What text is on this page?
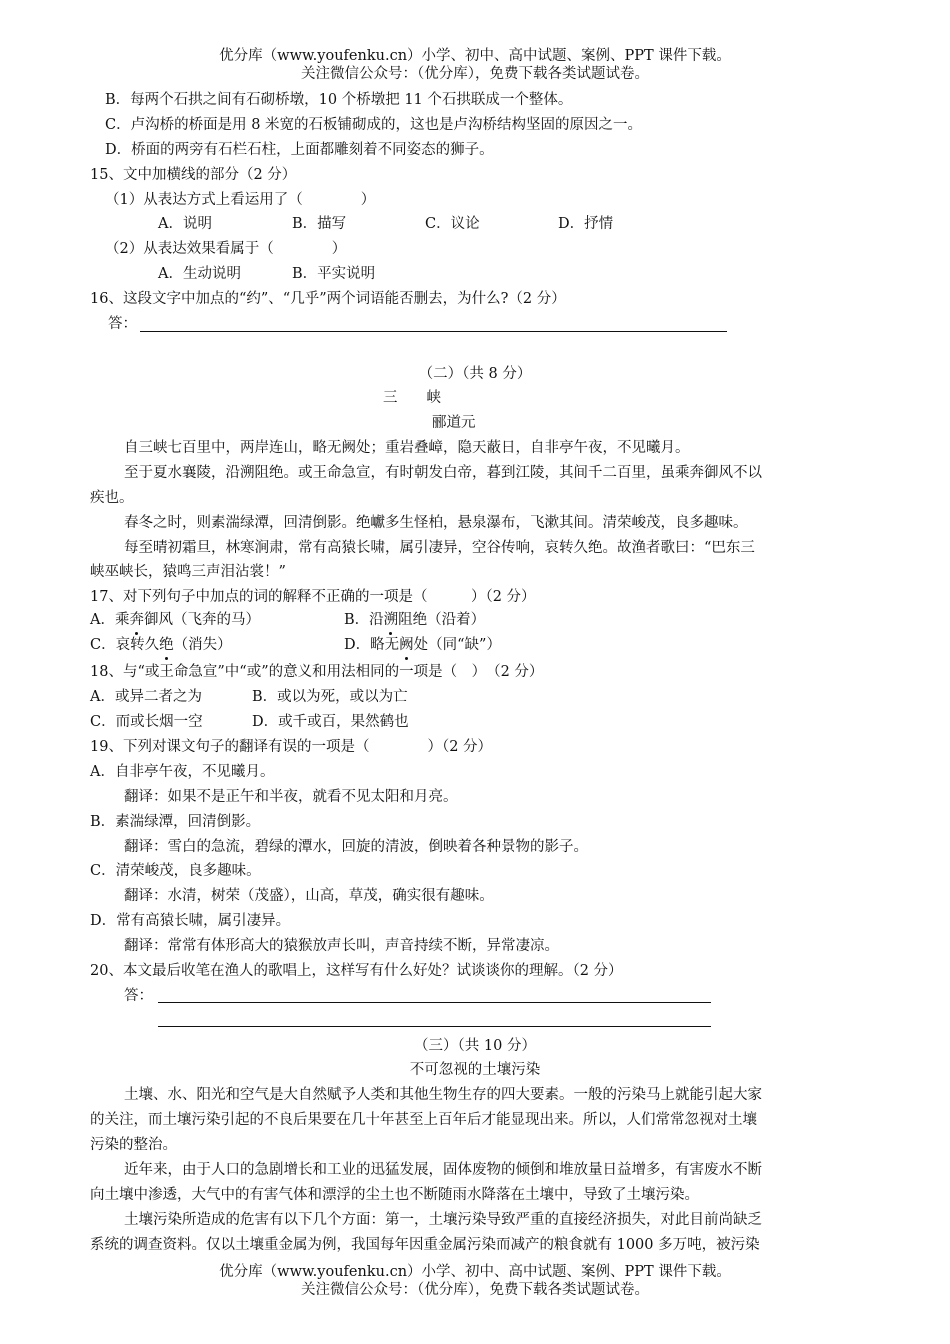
优分库（www.youfenku.cn）小学、初中、高中试题、案例、PPT 课件下载。
关注微信公众号：（优分库），免费下载各类试题试卷。
B．每两个石拱之间有石砌桥墩，10 个桥墩把 11 个石拱联成一个整体。
C．卢沟桥的桥面是用 8 米宽的石板铺砌成的，这也是卢沟桥结构坚固的原因之一。
D．桥面的两旁有石栏石柱，上面都雕刻着不同姿态的狮子。
15、文中加横线的部分（2 分）
（1）从表达方式上看运用了（　　　　）
A．说明	B．描写	C．议论	D．抒情
（2）从表达效果看属于（　　　　）
A．生动说明	B．平实说明
16、这段文字中加点的“约”、“几乎”两个词语能否删去，为什么?（2 分）
答：
（二）（共 8 分）
三　　峡
郦道元
自三峡七百里中，两岸连山，略无阙处；重岩叠嶂，隐天蔽日，自非亭午夜，不见曦月。
至于夏水襄陵，沿溯阻绝。或王命急宣，有时朝发白帝，暮到江陵，其间千二百里，虽乘奔御风不以
疾也。
春冬之时，则素湍绿潭，回清倒影。绝巘多生怪柏，悬泉瀑布，飞漱其间。清荣峻茂，良多趣味。
每至晴初霜旦，林寒涧肃，常有高猿长啸，属引凄异，空谷传响，哀转久绝。故渔者歌曰：“巴东三
峡巫峡长，猿鸣三声泪沾裳！”
17、对下列句子中加点的词的解释不正确的一项是（　　　）（2 分）
A．乘奔御风（飞奔的马）	B．沿溯阻绝（沿着）
C．哀转久绝（消失）	D．略无阙处（同“缺”）
18、与“或王命急宣”中“或”的意义和用法相同的一项是（　）　（2 分）
A．或异二者之为	B．或以为死，或以为亡
C．而或长烟一空	D．或千或百，果然鹤也
19、下列对课文句子的翻译有误的一项是（　　　　）（2 分）
A．自非亭午夜，不见曦月。
翻译：如果不是正午和半夜，就看不见太阳和月亮。
B．素湍绿潭，回清倒影。
翻译：雪白的急流，碧绿的潭水，回旋的清波，倒映着各种景物的影子。
C．清荣峻茂，良多趣味。
翻译：水清，树荣（茂盛），山高，草茂，确实很有趣味。
D．常有高猿长啸，属引凄异。
翻译：常常有体形高大的猿猴放声长叫，声音持续不断，异常凄凉。
20、本文最后收笔在渔人的歌唱上，这样写有什么好处？试谈谈你的理解。（2 分）
答：
（三）（共 10 分）
不可忽视的土壤污染
土壤、水、阳光和空气是大自然赋予人类和其他生物生存的四大要素。一般的污染马上就能引起大家
的关注，而土壤污染引起的不良后果要在几十年甚至上百年后才能显现出来。所以，人们常常忽视对土壤
污染的整治。
近年来，由于人口的急剧增长和工业的迅猛发展，固体废物的倾倒和堆放量日益增多，有害废水不断
向土壤中渗透，大气中的有害气体和漂浮的尘土也不断随雨水降落在土壤中，导致了土壤污染。
土壤污染所造成的危害有以下几个方面：第一，土壤污染导致严重的直接经济损失，对此目前尚缺乏
系统的调查资料。仅以土壤重金属为例，我国每年因重金属污染而减产的粮食就有 1000 多万吨，被污染
优分库（www.youfenku.cn）小学、初中、高中试题、案例、PPT 课件下载。
关注微信公众号：（优分库），免费下载各类试题试卷。
